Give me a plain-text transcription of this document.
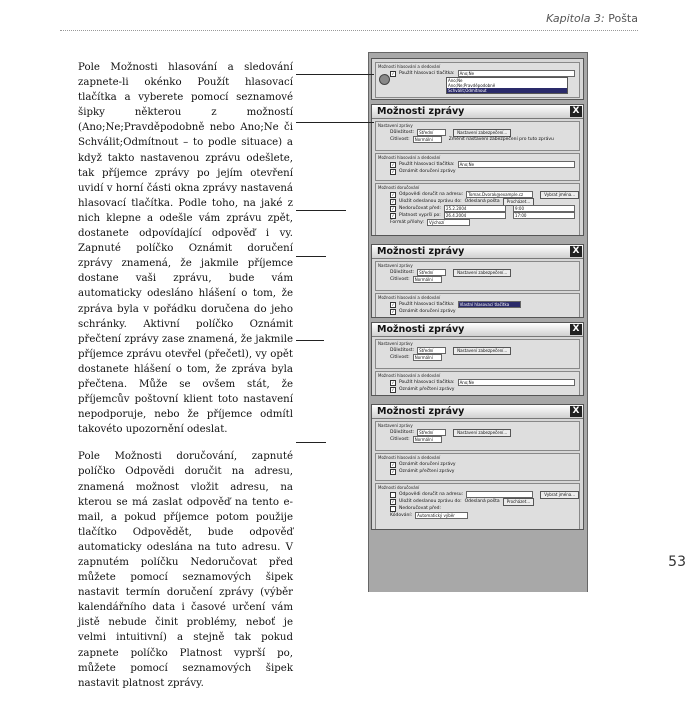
Kapitola 3: Pošta

Pole Možnosti hlasování a sledování zapnete-li okénko Použít hlasovací tlačítka a vyberete pomocí seznamové šipky některou z možností (Ano;Ne;Pravděpodobně nebo Ano;Ne či Schválit;Odmítnout – to podle situace) a když takto nastavenou zprávu odešlete, tak příjemce zprávy po jejím otevření uvidí v horní části okna zprávy nastavená hlasovací tlačítka. Podle toho, na jaké z nich klepne a odešle vám zprávu zpět, dostanete odpovídající odpověď i vy. Zapnuté políčko Oznámit doručení zprávy znamená, že jakmile příjemce dostane vaši zprávu, bude vám automaticky odesláno hlášení o tom, že zpráva byla v pořádku doručena do jeho schránky. Aktivní políčko Oznámit přečtení zprávy zase znamená, že jakmile příjemce zprávu otevřel (přečetl), vy opět dostanete hlášení o tom, že zpráva byla přečtena. Může se ovšem stát, že příjemcův poštovní klient toto nastavení nepodporuje, nebo že příjemce odmítl takovéto upozornění odeslat.

Pole Možnosti doručování, zapnuté políčko Odpovědi doručit na adresu, znamená možnost vložit adresu, na kterou se má zaslat odpověď na tento e-mail, a pokud příjemce potom použije tlačítko Odpovědět, bude odpověď automaticky odeslána na tuto adresu. V zapnutém políčku Nedoručovat před můžete pomocí seznamových šipek nastavit termín doručení zprávy (výběr kalendářního data i časové určení vám jistě nebude činit problémy, neboť je velmi intuitivní) a stejně tak pokud zapnete políčko Platnost vyprší po, můžete pomocí seznamových šipek nastavit platnost zprávy.

Možnosti hlasování a sledování
✓ Použít hlasovací tlačítka:	Ano;Ne
Ano;Ne
Ano;Ne;Pravděpodobně
Schválit;Odmítnout
Možnosti zprávy	X
Nastavení zprávy
Důležitost:	Střední	Nastavení zabezpečení...
Citlivost:	Normální	Změnit nastavení zabezpečení pro tuto zprávu
Možnosti hlasování a sledování
✓ Použít hlasovací tlačítka:	Ano;Ne
✓ Oznámit doručení zprávy
Možnosti doručování
✓ Odpovědi doručit na adresu:	Tomas.Dvorak@example.cz	Vybrat jména...
✓ Uložit odeslanou zprávu do: Odeslaná pošta	Procházet...
✓ Nedoručovat před:	25.2.2004	9:00
✓ Platnost vyprší po:	26.4.2004	17:00
Formát přílohy:	Výchozí
Možnosti zprávy	X
Nastavení zprávy
Důležitost:	Střední	Nastavení zabezpečení...
Citlivost:	Normální
Možnosti hlasování a sledování
✓ Použít hlasovací tlačítka:	Vlastní hlasovací tlačítka
✓ Oznámit doručení zprávy
Možnosti zprávy	X
Nastavení zprávy
Důležitost:	Střední	Nastavení zabezpečení...
Citlivost:	Normální
Možnosti hlasování a sledování
✓ Použít hlasovací tlačítka:	Ano;Ne
✓ Oznámit přečtení zprávy
Možnosti zprávy	X
Nastavení zprávy
Důležitost:	Střední	Nastavení zabezpečení...
Citlivost:	Normální
Možnosti hlasování a sledování
✓ Oznámit doručení zprávy
✓ Oznámit přečtení zprávy
Možnosti doručování
Odpovědi doručit na adresu:	Vybrat jména...
✓ Uložit odeslanou zprávu do: Odeslaná pošta	Procházet...
Nedoručovat před:
Kódování:	Automatický výběr
53
